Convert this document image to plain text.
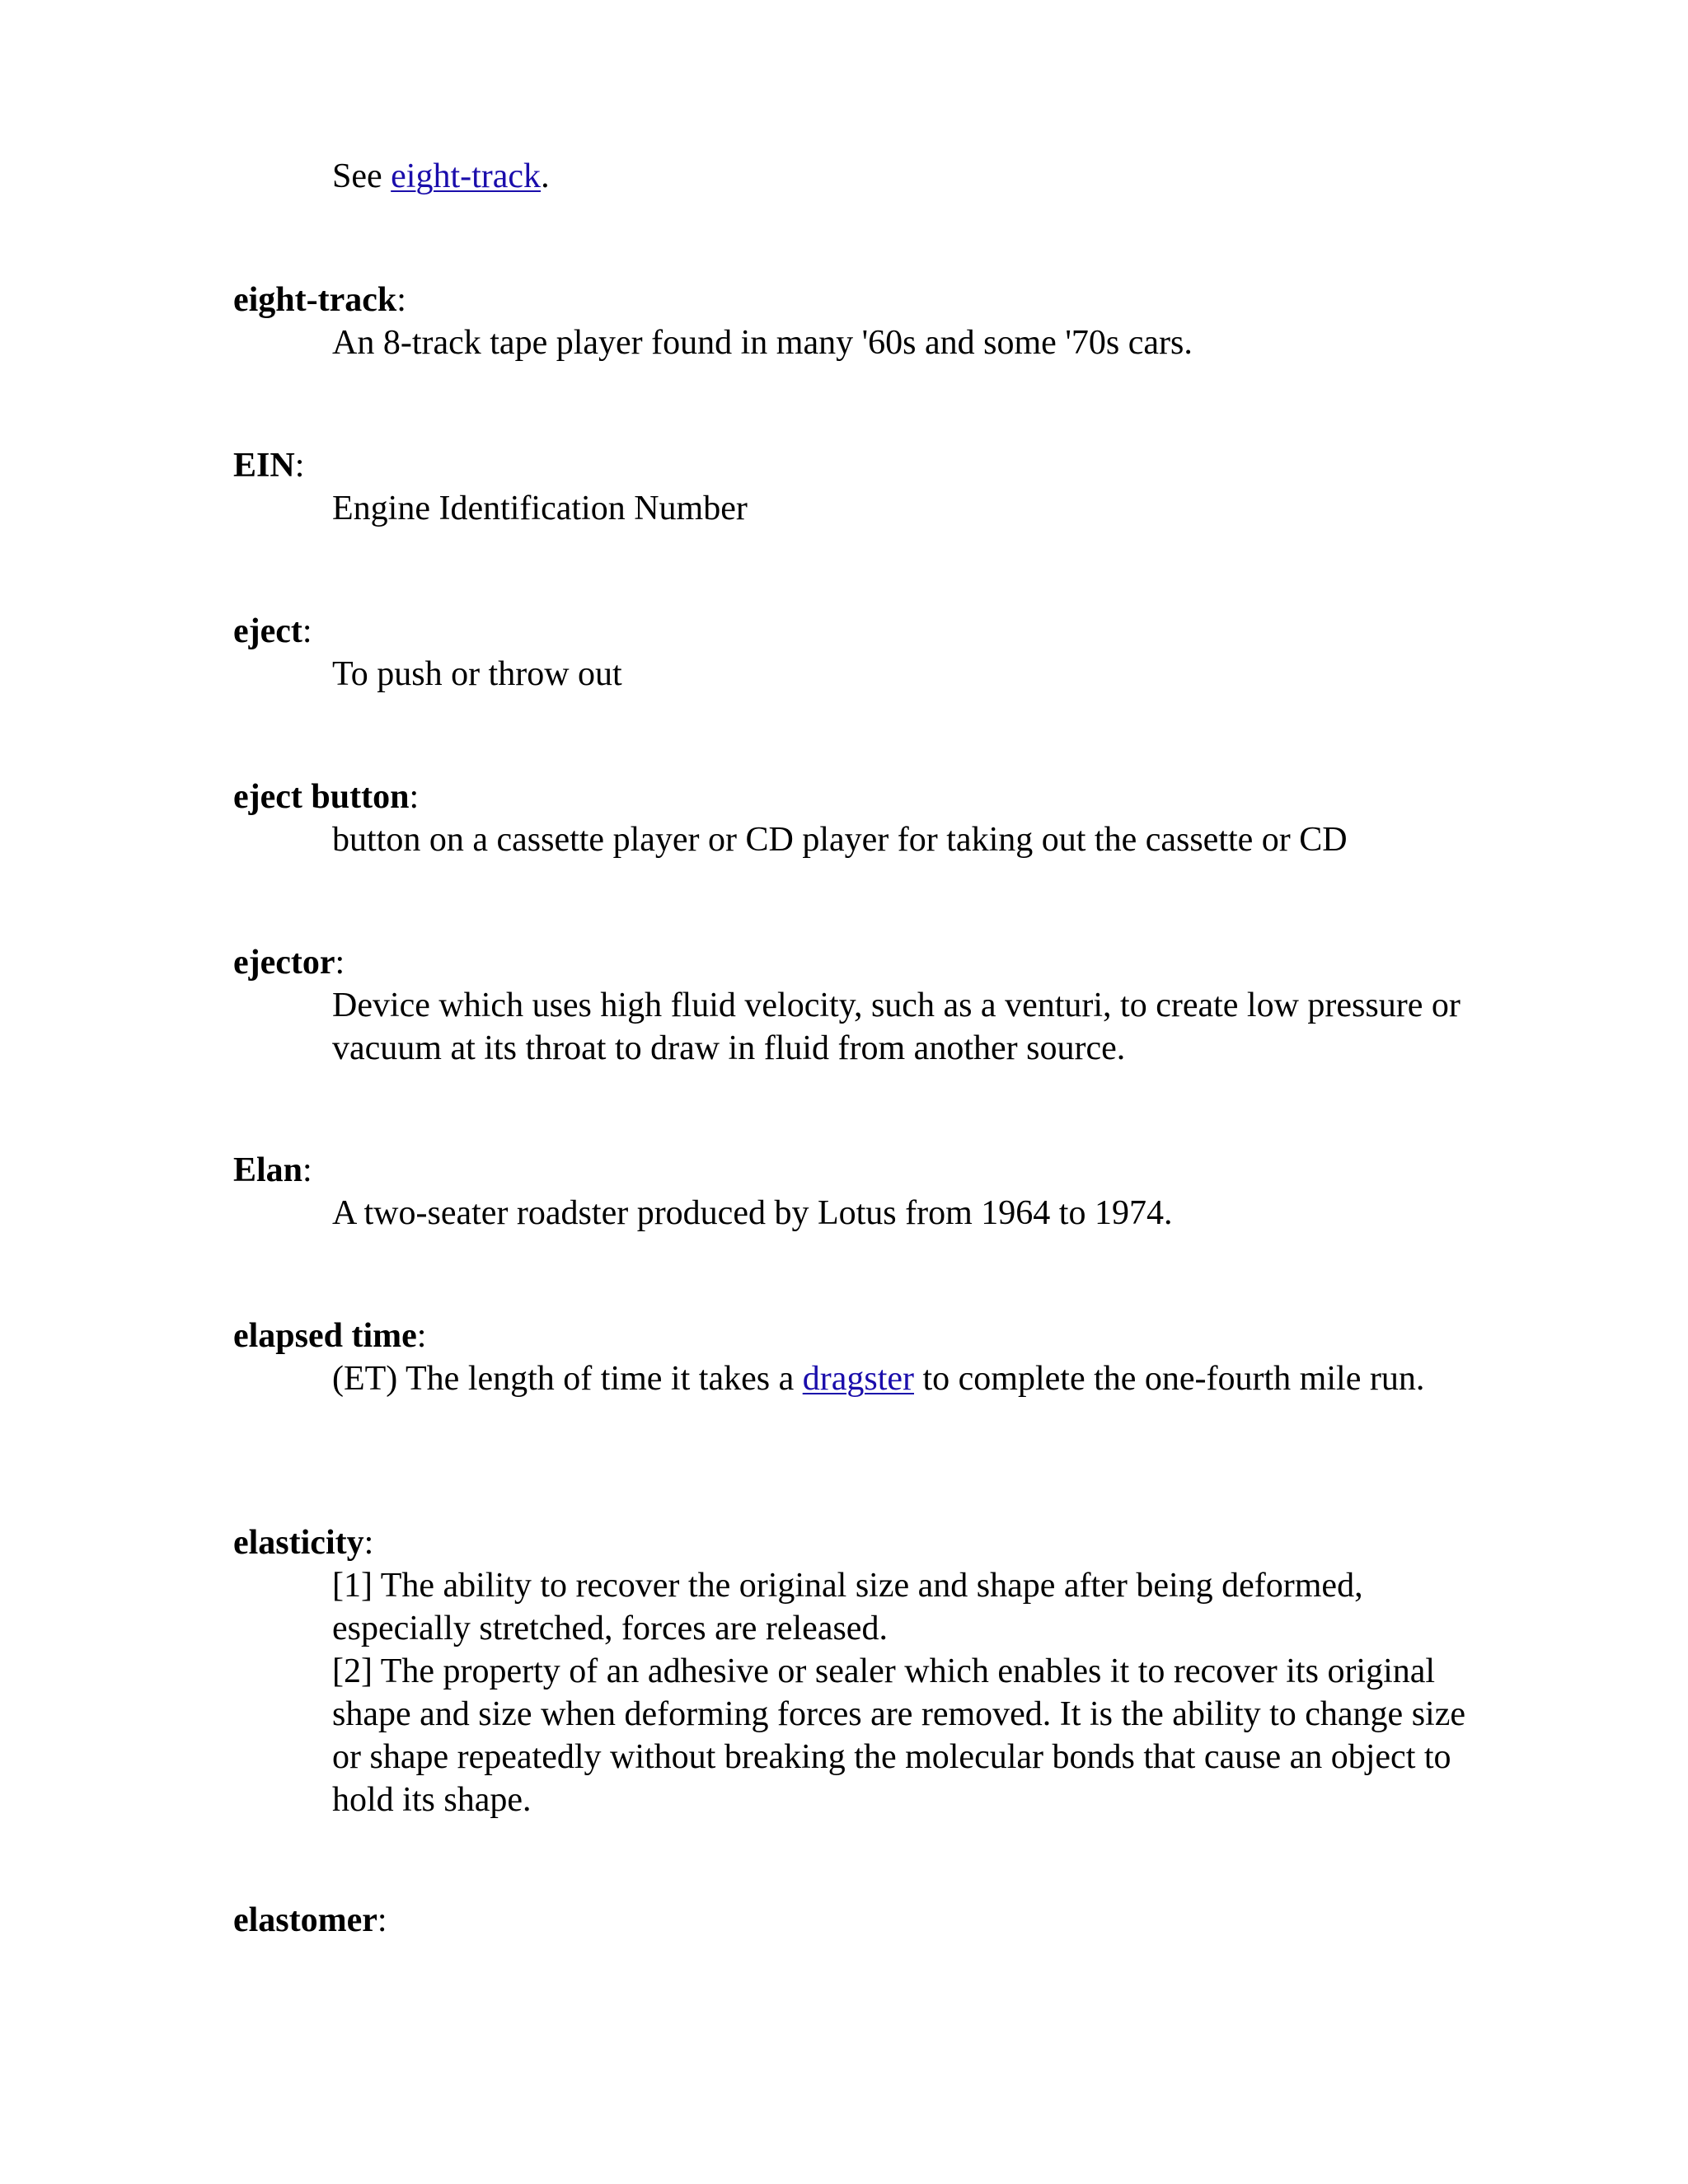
See eight-track.
eight-track:
An 8-track tape player found in many '60s and some '70s cars.
EIN:
Engine Identification Number
eject:
To push or throw out
eject button:
button on a cassette player or CD player for taking out the cassette or CD
ejector:
Device which uses high fluid velocity, such as a venturi, to create low pressure or vacuum at its throat to draw in fluid from another source.
Elan:
A two-seater roadster produced by Lotus from 1964 to 1974.
elapsed time:
(ET) The length of time it takes a dragster to complete the one-fourth mile run.
elasticity:
[1] The ability to recover the original size and shape after being deformed, especially stretched, forces are released.
[2] The property of an adhesive or sealer which enables it to recover its original shape and size when deforming forces are removed. It is the ability to change size or shape repeatedly without breaking the molecular bonds that cause an object to hold its shape.
elastomer:
